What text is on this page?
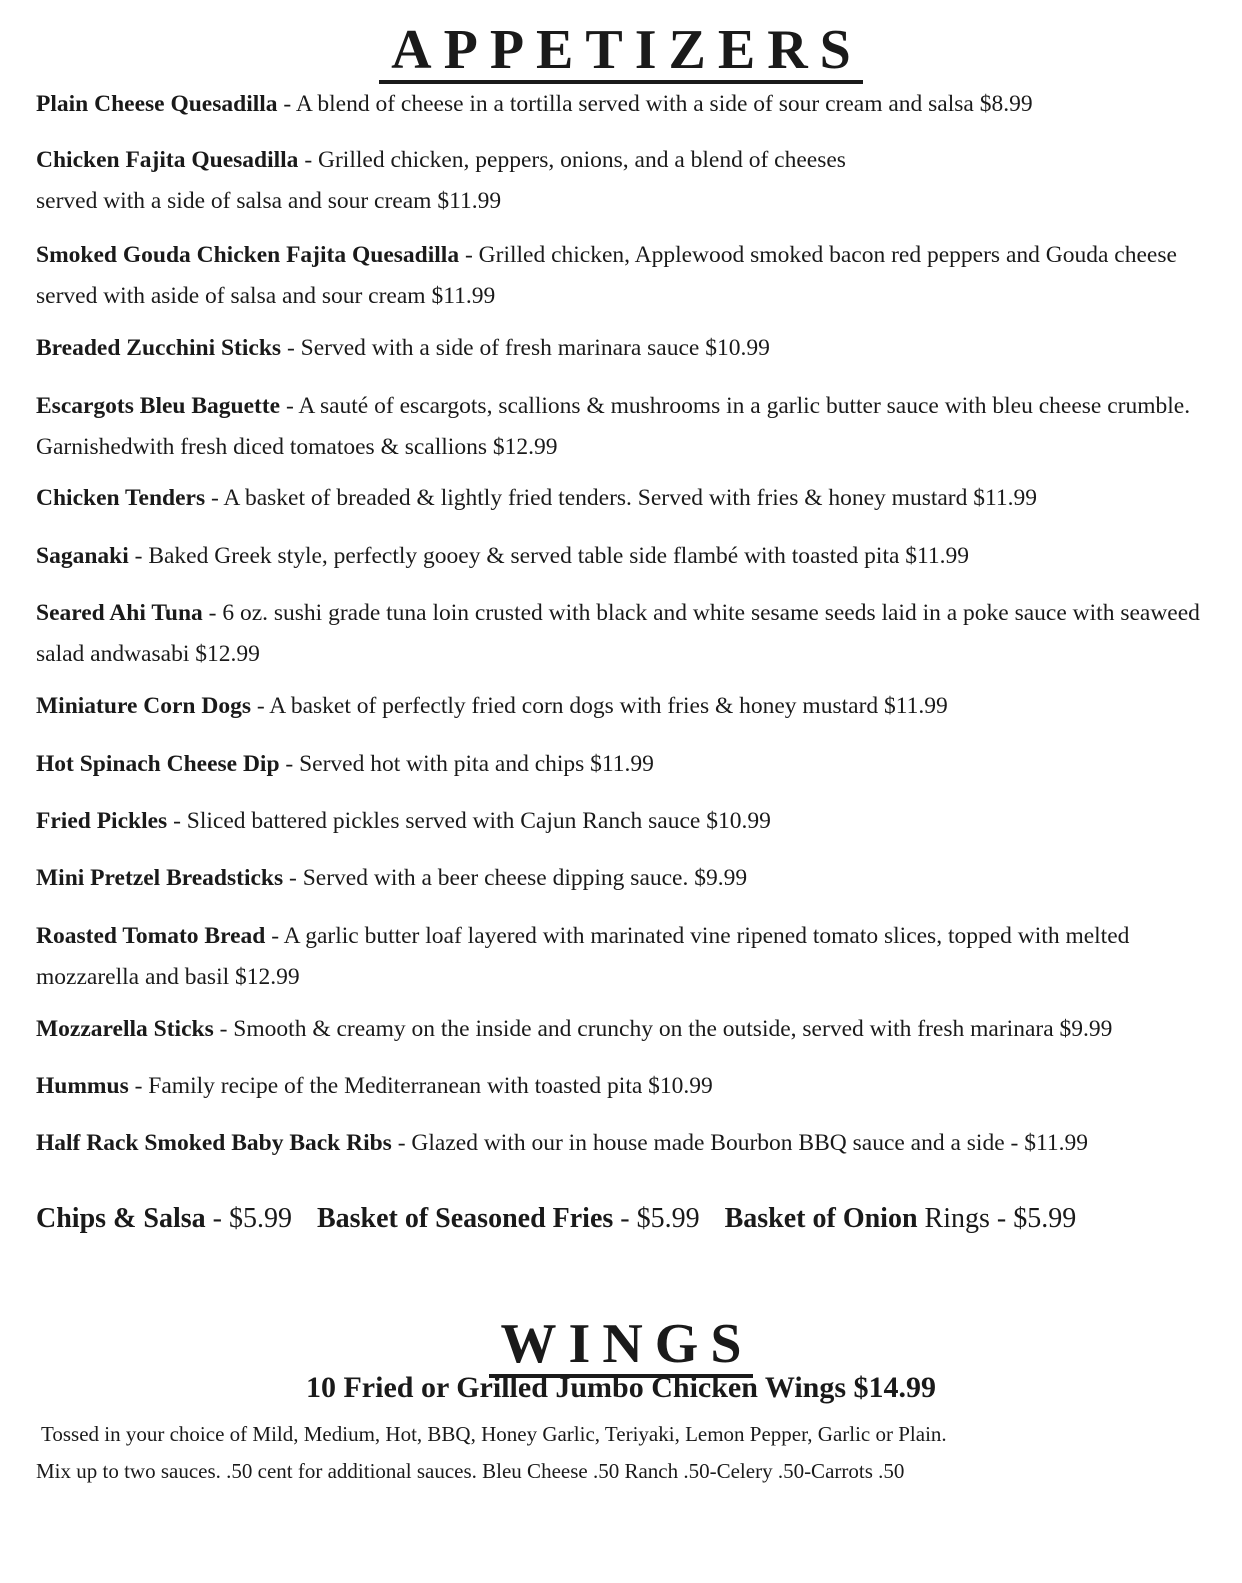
APPETIZERS

Plain Cheese Quesadilla - A blend of cheese in a tortilla served with a side of sour cream and salsa $8.99

Chicken Fajita Quesadilla - Grilled chicken, peppers, onions, and a blend of cheeses
served with a side of salsa and sour cream $11.99

Smoked Gouda Chicken Fajita Quesadilla - Grilled chicken, Applewood smoked bacon red peppers and Gouda cheese served with aside of salsa and sour cream $11.99

Breaded Zucchini Sticks - Served with a side of fresh marinara sauce $10.99

Escargots Bleu Baguette - A sauté of escargots, scallions & mushrooms in a garlic butter sauce with bleu cheese crumble. Garnishedwith fresh diced tomatoes & scallions $12.99

Chicken Tenders - A basket of breaded & lightly fried tenders. Served with fries & honey mustard $11.99

Saganaki - Baked Greek style, perfectly gooey & served table side flambé with toasted pita $11.99

Seared Ahi Tuna - 6 oz. sushi grade tuna loin crusted with black and white sesame seeds laid in a poke sauce with seaweed salad andwasabi $12.99

Miniature Corn Dogs - A basket of perfectly fried corn dogs with fries & honey mustard $11.99

Hot Spinach Cheese Dip - Served hot with pita and chips $11.99

Fried Pickles - Sliced battered pickles served with Cajun Ranch sauce $10.99

Mini Pretzel Breadsticks - Served with a beer cheese dipping sauce. $9.99

Roasted Tomato Bread - A garlic butter loaf layered with marinated vine ripened tomato slices, topped with melted mozzarella and basil $12.99

Mozzarella Sticks - Smooth & creamy on the inside and crunchy on the outside, served with fresh marinara $9.99

Hummus - Family recipe of the Mediterranean with toasted pita $10.99

Half Rack Smoked Baby Back Ribs - Glazed with our in house made Bourbon BBQ sauce and a side - $11.99

Chips & Salsa - $5.99 Basket of Seasoned Fries - $5.99 Basket of Onion Rings - $5.99
WINGS

10 Fried or Grilled Jumbo Chicken Wings $14.99

Tossed in your choice of Mild, Medium, Hot, BBQ, Honey Garlic, Teriyaki, Lemon Pepper, Garlic or Plain.

Mix up to two sauces. .50 cent for additional sauces. Bleu Cheese .50 Ranch .50-Celery .50-Carrots .50
